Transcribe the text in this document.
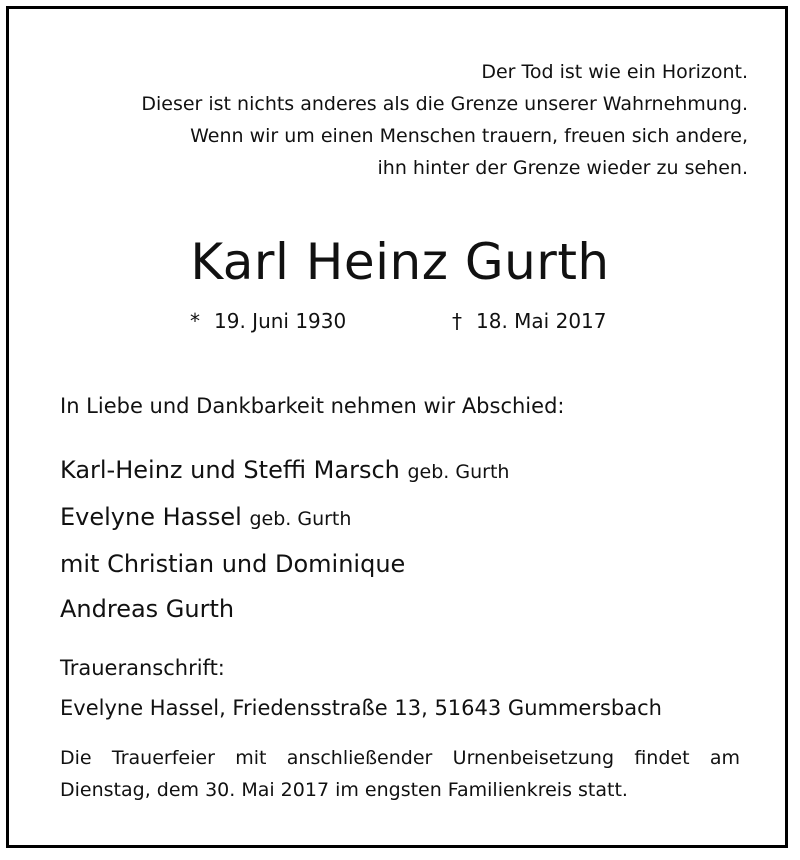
Der Tod ist wie ein Horizont.
Dieser ist nichts anderes als die Grenze unserer Wahrnehmung.
Wenn wir um einen Menschen trauern, freuen sich andere,
ihn hinter der Grenze wieder zu sehen.

Karl Heinz Gurth
* 19. Juni 1930	† 18. Mai 2017

In Liebe und Dankbarkeit nehmen wir Abschied:

Karl-Heinz und Steffi Marsch geb. Gurth
Evelyne Hassel geb. Gurth
mit Christian und Dominique
Andreas Gurth

Traueranschrift:

Evelyne Hassel, Friedensstraße 13, 51643 Gummersbach

Die Trauerfeier mit anschließender Urnenbeisetzung findet am
Dienstag, dem 30. Mai 2017 im engsten Familienkreis statt.
